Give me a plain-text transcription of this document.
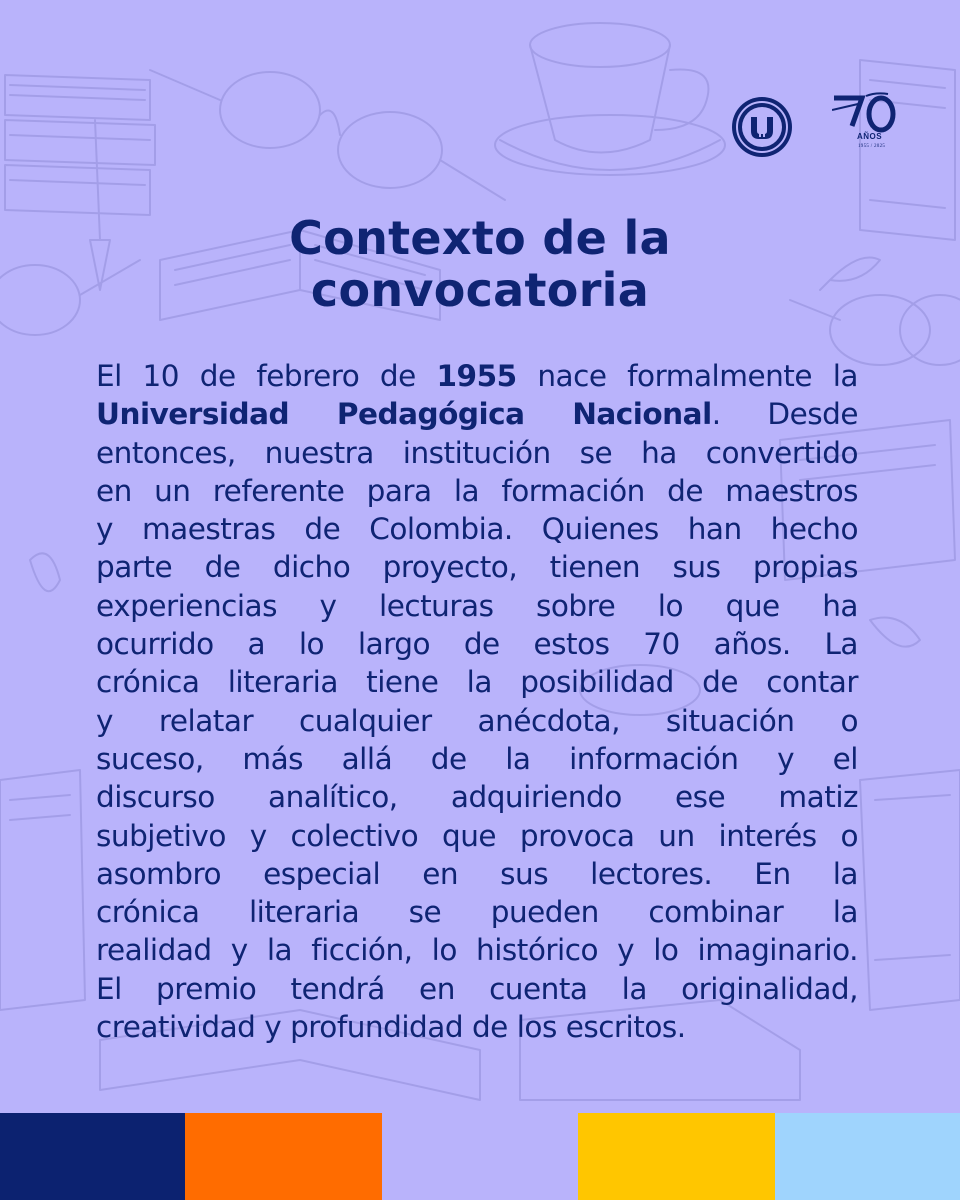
AÑOS
1955 / 2025
Contexto de la
convocatoria
El 10 de febrero de 1955 nace formalmente la
Universidad Pedagógica Nacional. Desde
entonces, nuestra institución se ha convertido
en un referente para la formación de maestros
y maestras de Colombia. Quienes han hecho
parte de dicho proyecto, tienen sus propias
experiencias y lecturas sobre lo que ha
ocurrido a lo largo de estos 70 años. La
crónica literaria tiene la posibilidad de contar
y relatar cualquier anécdota, situación o
suceso, más allá de la información y el
discurso analítico, adquiriendo ese matiz
subjetivo y colectivo que provoca un interés o
asombro especial en sus lectores. En la
crónica literaria se pueden combinar la
realidad y la ficción, lo histórico y lo imaginario.
El premio tendrá en cuenta la originalidad,
creatividad y profundidad de los escritos.
